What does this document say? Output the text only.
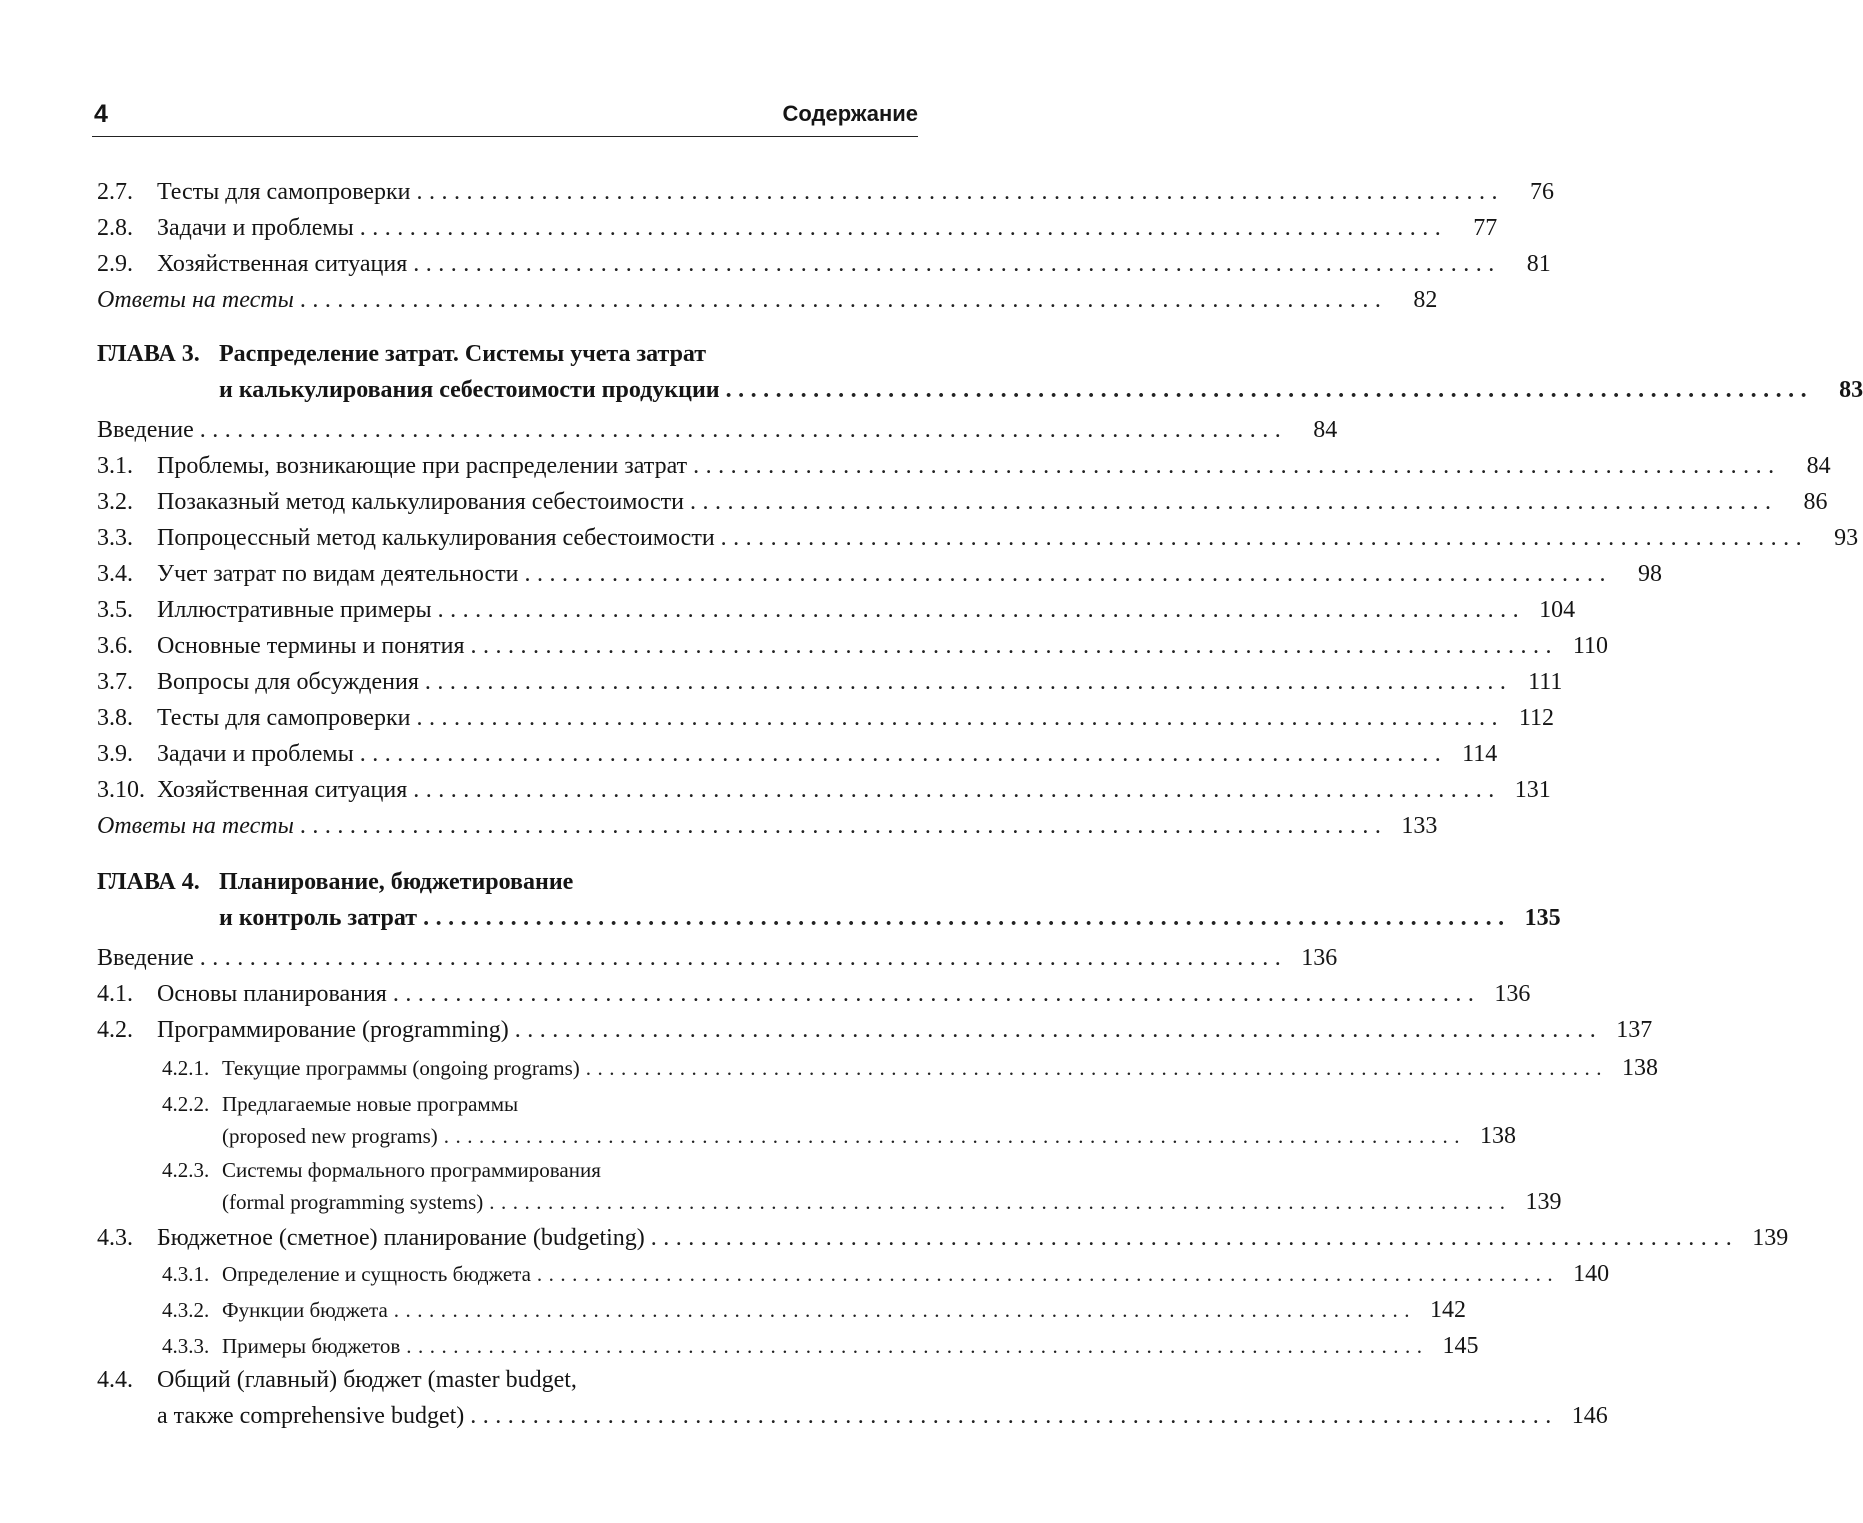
4	Содержание
2.7.	Тесты для самопроверки .......................................................................................	76
2.8.	Задачи и проблемы .......................................................................................	77
2.9.	Хозяйственная ситуация .......................................................................................	81
Ответы на тесты .......................................................................................	82
ГЛАВА 3. Распределение затрат. Системы учета затрат
и калькулирования себестоимости продукции .......................................................................................	83
Введение .......................................................................................	84
3.1.	Проблемы, возникающие при распределении затрат .......................................................................................	84
3.2.	Позаказный метод калькулирования себестоимости .......................................................................................	86
3.3.	Попроцессный метод калькулирования себестоимости .......................................................................................	93
3.4.	Учет затрат по видам деятельности .......................................................................................	98
3.5.	Иллюстративные примеры ....................................................................................... 104
3.6.	Основные термины и понятия ....................................................................................... 110
3.7.	Вопросы для обсуждения ....................................................................................... 111
3.8.	Тесты для самопроверки ....................................................................................... 112
3.9.	Задачи и проблемы ....................................................................................... 114
3.10. Хозяйственная ситуация ....................................................................................... 131
Ответы на тесты ....................................................................................... 133
ГЛАВА 4. Планирование, бюджетирование
и контроль затрат ....................................................................................... 135
Введение ....................................................................................... 136
4.1.	Основы планирования ....................................................................................... 136
4.2.	Программирование (programming) ....................................................................................... 137
4.2.1. Текущие программы (ongoing programs) ....................................................................................... 138
4.2.2. Предлагаемые новые программы
(proposed new programs) ....................................................................................... 138
4.2.3. Системы формального программирования
(formal programming systems) ....................................................................................... 139
4.3.	Бюджетное (сметное) планирование (budgeting) ....................................................................................... 139
4.3.1. Определение и сущность бюджета ....................................................................................... 140
4.3.2. Функции бюджета ....................................................................................... 142
4.3.3. Примеры бюджетов ....................................................................................... 145
4.4.	Общий (главный) бюджет (master budget,
а также comprehensive budget) ....................................................................................... 146
